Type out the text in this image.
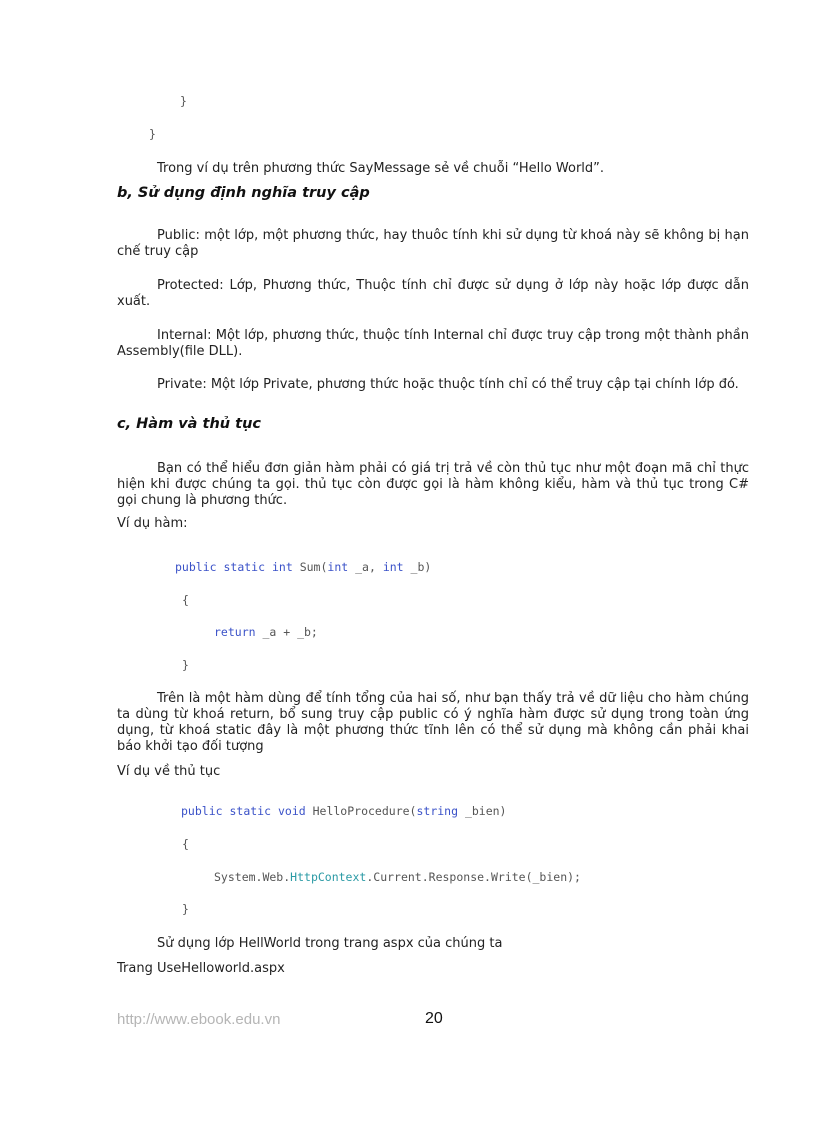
}
}
Trong ví dụ trên phương thức SayMessage sẻ về chuỗi “Hello World”.
b, Sử dụng định nghĩa truy cập
Public: một lớp, một phương thức, hay thuôc tính khi sử dụng từ khoá này sẽ không bị hạn chế truy cập
Protected: Lớp, Phương thức, Thuộc tính chỉ được sử dụng ở lớp này hoặc lớp được dẫn xuất.
Internal: Một lớp, phương thức, thuộc tính Internal chỉ được truy cập trong một thành phần Assembly(file DLL).
Private: Một lớp Private, phương thức hoặc thuộc tính chỉ có thể truy cập tại chính lớp đó.
c, Hàm và thủ tục
Bạn có thể hiểu đơn giản hàm phải có giá trị trả về còn thủ tục như một đoạn mã chỉ thực hiện khi được chúng ta gọi. thủ tục còn được gọi là hàm không kiểu, hàm và thủ tục trong C# gọi chung là phương thức.
Ví dụ hàm:
public static int Sum(int _a, int _b)
{
return _a + _b;
}
Trên là một hàm dùng để tính tổng của hai số, như bạn thấy trả về dữ liệu cho hàm chúng ta dùng từ khoá return, bổ sung truy cập public có ý nghĩa hàm được sử dụng trong toàn ứng dụng, từ khoá static đây là một phương thức tĩnh lên có thể sử dụng mà không cần phải khai báo khởi tạo đối tượng
Ví dụ về thủ tục
public static void HelloProcedure(string _bien)
{
System.Web.HttpContext.Current.Response.Write(_bien);
}
Sử dụng lớp HellWorld trong trang aspx của chúng ta
Trang UseHelloworld.aspx
http://www.ebook.edu.vn	20
